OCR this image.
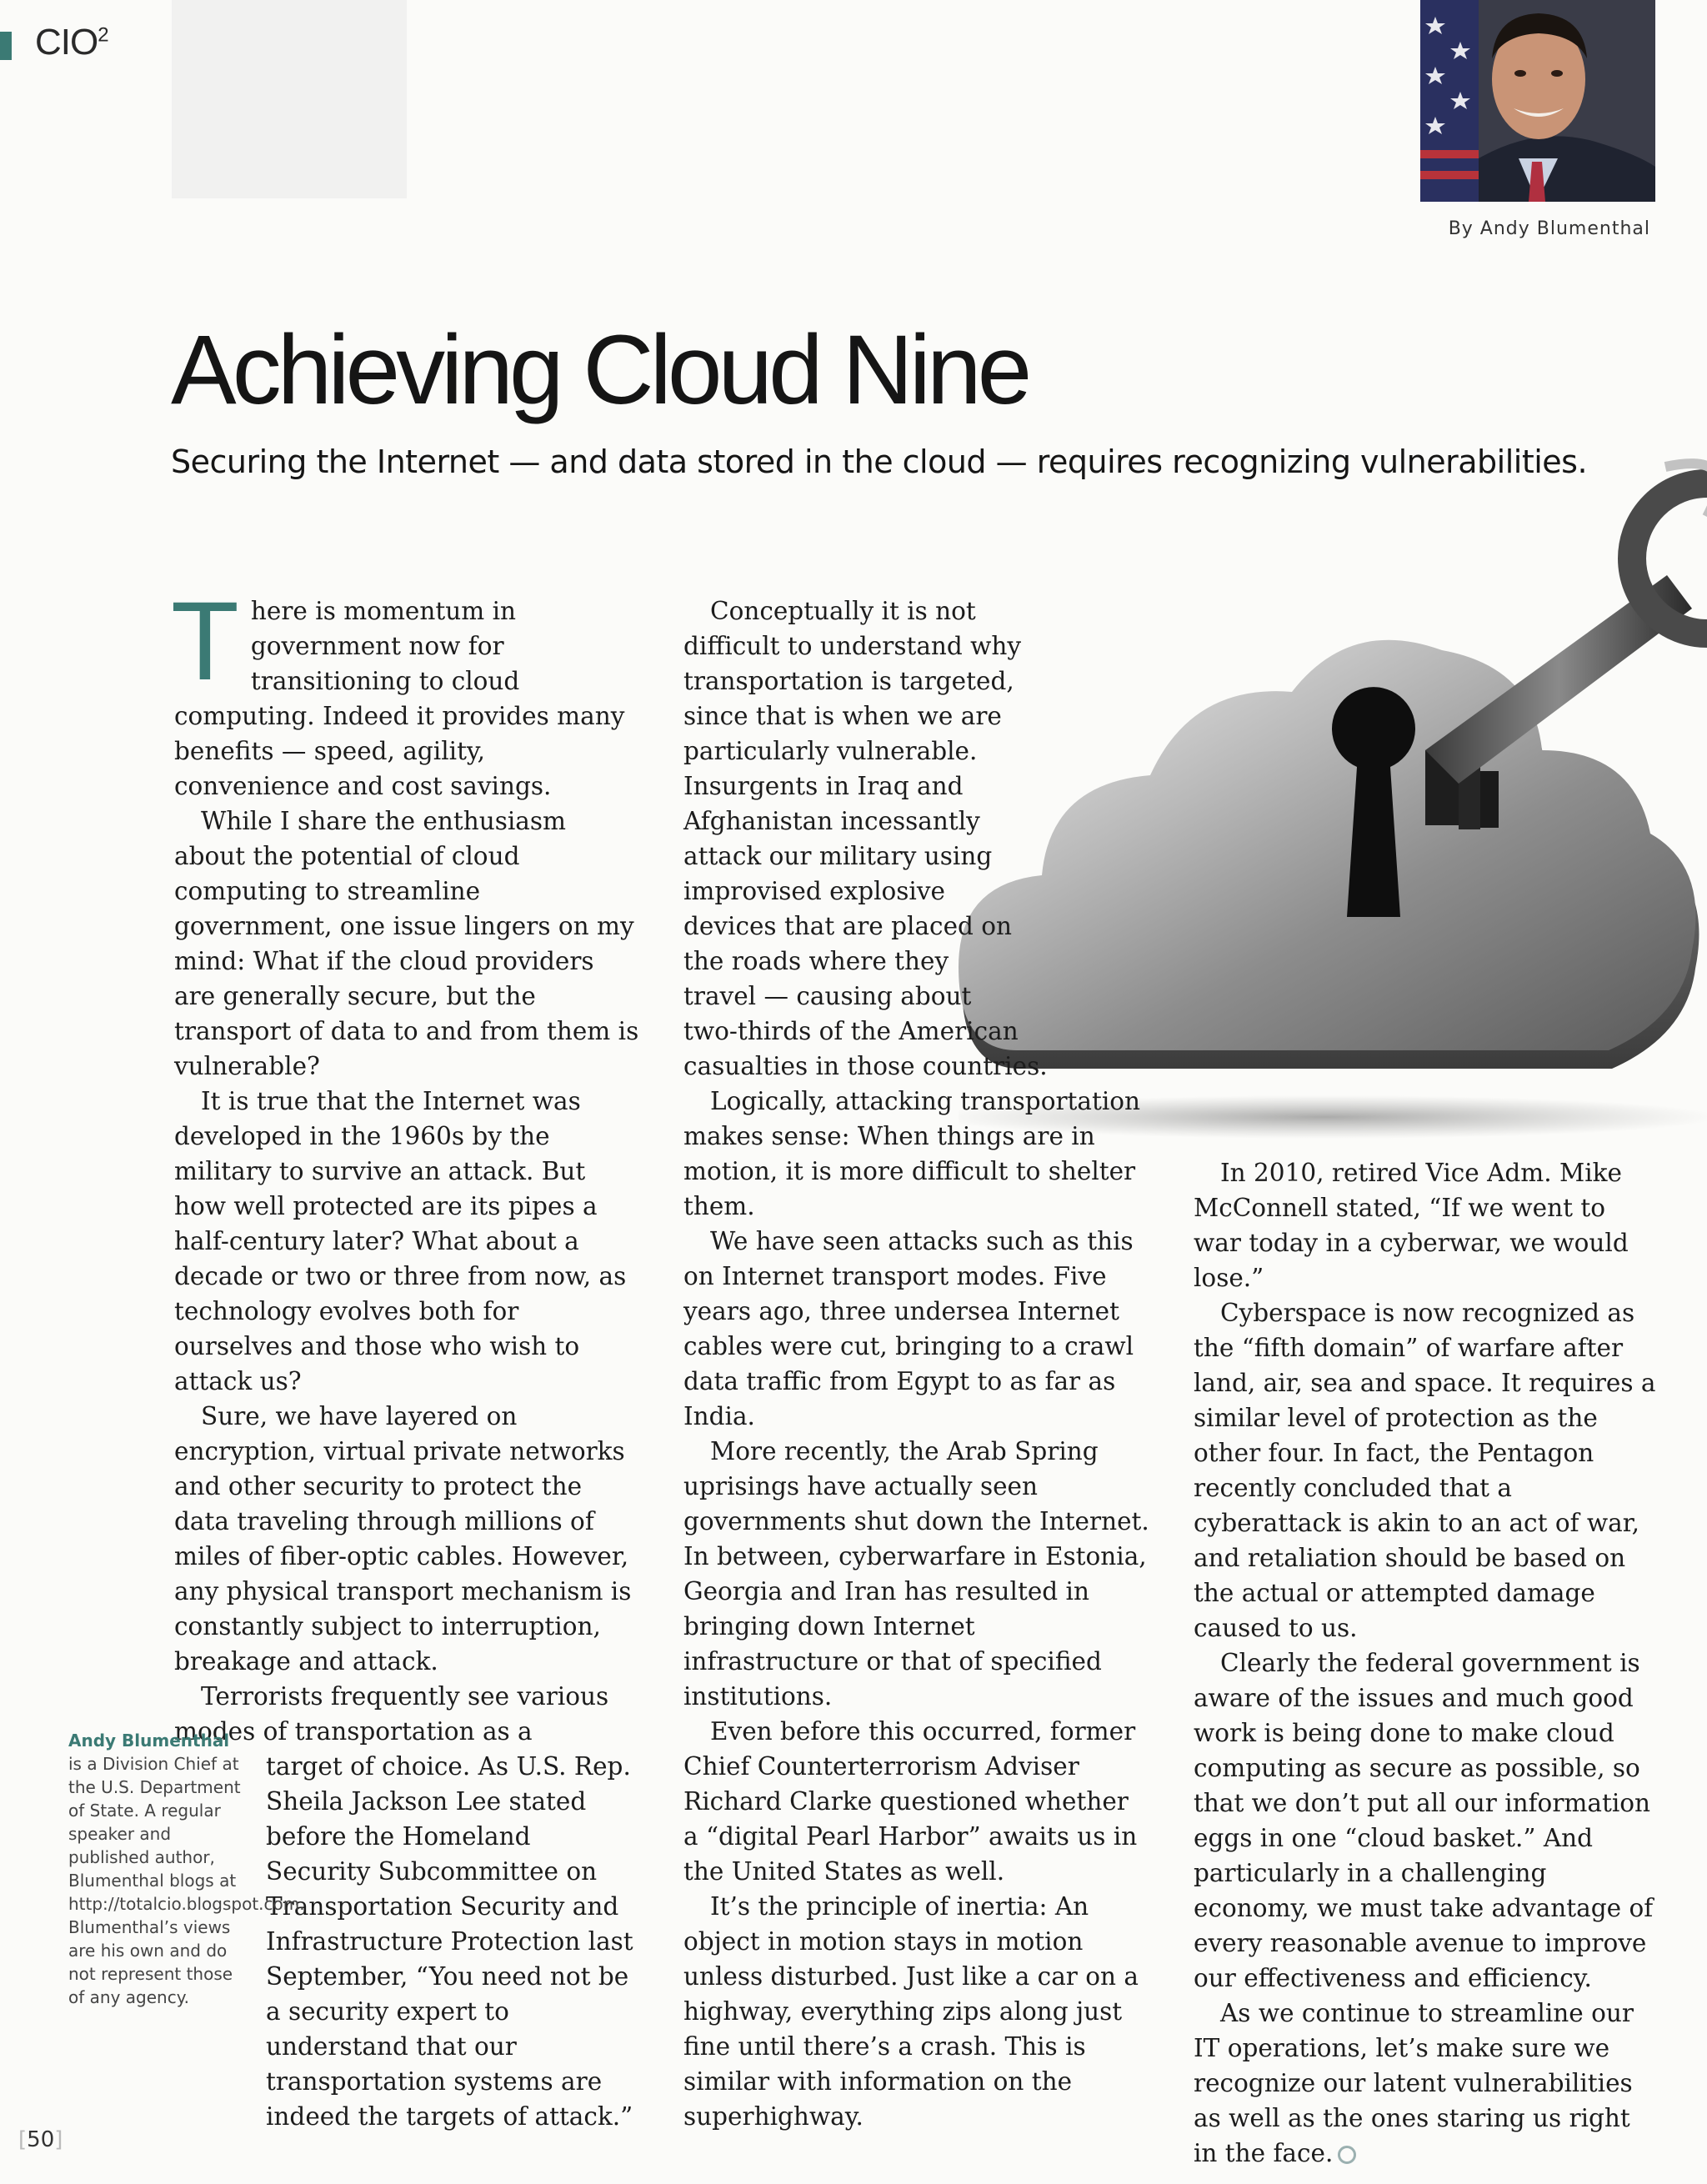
CIO$^2$
By Andy Blumenthal

Achieving Cloud Nine

Securing the Internet — and data stored in the cloud — requires recognizing vulnerabilities.

There is momentum in government now for transitioning to cloud computing. Indeed it provides many benefits — speed, agility, convenience and cost savings.

While I share the enthusiasm about the potential of cloud computing to streamline government, one issue lingers on my mind: What if the cloud providers are generally secure, but the transport of data to and from them is vulnerable?

It is true that the Internet was developed in the 1960s by the military to survive an attack. But how well protected are its pipes a half-century later? What about a decade or two or three from now, as technology evolves both for ourselves and those who wish to attack us?

Sure, we have layered on encryption, virtual private networks and other security to protect the data traveling through millions of miles of fiber-optic cables. However, any physical transport mechanism is constantly subject to interruption, breakage and attack.

Terrorists frequently see various modes of transportation as a

target of choice. As U.S. Rep. Sheila Jackson Lee stated before the Homeland Security Subcommittee on Transportation Security and Infrastructure Protection last September, “You need not be a security expert to understand that our transportation systems are indeed the targets of attack.”

Conceptually it is not difficult to understand why transportation is targeted, since that is when we are particularly vulnerable. Insurgents in Iraq and Afghanistan incessantly attack our military using improvised explosive devices that are placed on the roads where they travel — causing about two-thirds of the American casualties in those countries.

Logically, attacking transportation makes sense: When things are in motion, it is more difficult to shelter them.

We have seen attacks such as this on Internet transport modes. Five years ago, three undersea Internet cables were cut, bringing to a crawl data traffic from Egypt to as far as India.

More recently, the Arab Spring uprisings have actually seen governments shut down the Internet. In between, cyberwarfare in Estonia, Georgia and Iran has resulted in bringing down Internet infrastructure or that of specified institutions.

Even before this occurred, former Chief Counterterrorism Adviser Richard Clarke questioned whether a “digital Pearl Harbor” awaits us in the United States as well.

It’s the principle of inertia: An object in motion stays in motion unless disturbed. Just like a car on a highway, everything zips along just fine until there’s a crash. This is similar with information on the superhighway.

In 2010, retired Vice Adm. Mike McConnell stated, “If we went to war today in a cyberwar, we would lose.”

Cyberspace is now recognized as the “fifth domain” of warfare after land, air, sea and space. It requires a similar level of protection as the other four. In fact, the Pentagon recently concluded that a cyberattack is akin to an act of war, and retaliation should be based on the actual or attempted damage caused to us.

Clearly the federal government is aware of the issues and much good work is being done to make cloud computing as secure as possible, so that we don’t put all our information eggs in one “cloud basket.” And particularly in a challenging economy, we must take advantage of every reasonable avenue to improve our effectiveness and efficiency.

As we continue to streamline our IT operations, let’s make sure we recognize our latent vulnerabilities as well as the ones staring us right in the face.

Andy Blumenthal
is a Division Chief at the U.S. Department of State. A regular speaker and published author, Blumenthal blogs at http://totalcio.blogspot.com. Blumenthal’s views are his own and do not represent those of any agency.
[50]
